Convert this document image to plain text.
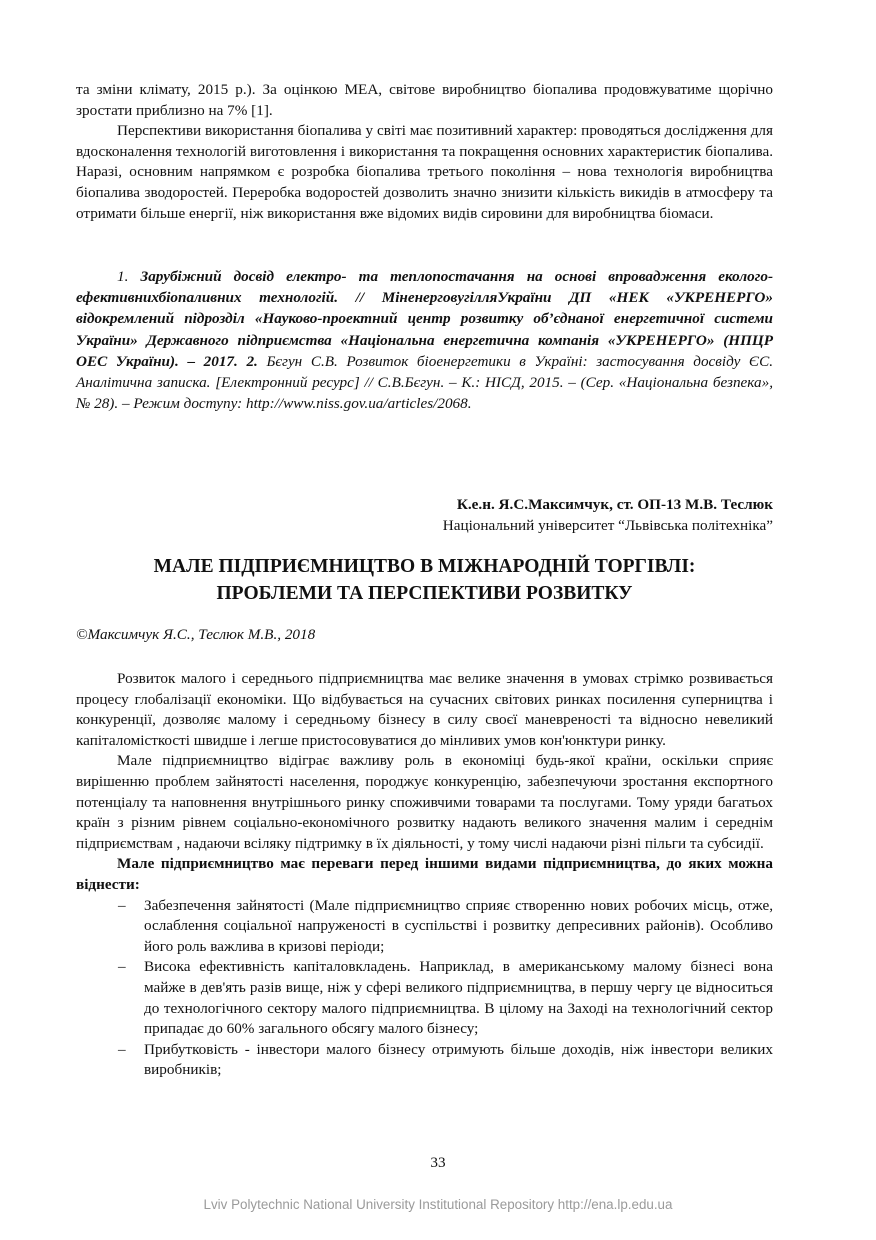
та зміни клімату, 2015 р.). За оцінкою МЕА, світове виробництво біопалива продовжуватиме щорічно зростати приблизно на 7% [1].

Перспективи використання біопалива у світі має позитивний характер: проводяться дослідження для вдосконалення технологій виготовлення і використання та покращення основних характеристик біопалива. Наразі, основним напрямком є розробка біопалива третього покоління – нова технологія виробництва біопалива зводоростей. Переробка водоростей дозволить значно знизити кількість викидів в атмосферу та отримати більше енергії, ніж використання вже відомих видів сировини для виробництва біомаси.

1. Зарубіжний досвід електро- та теплопостачання на основі впровадження еколого-ефективнихбіопаливних технологій. // МіненерговугілляУкраїни ДП «НЕК «УКРЕНЕРГО» відокремлений підрозділ «Науково-проектний центр розвитку об’єднаної енергетичної системи України» Державного підприємства «Національна енергетична компанія «УКРЕНЕРГО» (НПЦР ОЕС України). – 2017. 2. Бєгун С.В. Розвиток біоенергетики в Україні: застосування досвіду ЄС. Аналітична записка. [Електронний ресурс] // С.В.Бєгун. – К.: НІСД, 2015. – (Сер. «Національна безпека», № 28). – Режим доступу: http://www.niss.gov.ua/articles/2068.

К.е.н. Я.С.Максимчук, ст. ОП-13 М.В. Теслюк
Національний університет “Львівська політехніка”
МАЛЕ ПІДПРИЄМНИЦТВО В МІЖНАРОДНІЙ ТОРГІВЛІ:
ПРОБЛЕМИ ТА ПЕРСПЕКТИВИ РОЗВИТКУ
©Максимчук Я.С., Теслюк М.В., 2018

Розвиток малого і середнього підприємництва має велике значення в умовах стрімко розвивається процесу глобалізації економіки. Що відбувається на сучасних світових ринках посилення суперництва і конкуренції, дозволяє малому і середньому бізнесу в силу своєї маневреності та відносно невеликий капіталомісткості швидше і легше пристосовуватися до мінливих умов кон'юнктури ринку.

Мале підприємництво відіграє важливу роль в економіці будь-якої країни, оскільки сприяє вирішенню проблем зайнятості населення, породжує конкуренцію, забезпечуючи зростання експортного потенціалу та наповнення внутрішнього ринку споживчими товарами та послугами. Тому уряди багатьох країн з різним рівнем соціально-економічного розвитку надають великого значення малим і середнім підприємствам , надаючи всіляку підтримку в їх діяльності, у тому числі надаючи різні пільги та субсидії.

Мале підприємництво має переваги перед іншими видами підприємництва, до яких можна віднести:

– Забезпечення зайнятості (Мале підприємництво сприяє створенню нових робочих місць, отже, ослаблення соціальної напруженості в суспільстві і розвитку депресивних районів). Особливо його роль важлива в кризові періоди;
– Висока ефективність капіталовкладень. Наприклад, в американському малому бізнесі вона майже в дев'ять разів вище, ніж у сфері великого підприємництва, в першу чергу це відноситься до технологічного сектору малого підприємництва. В цілому на Заході на технологічний сектор припадає до 60% загального обсягу малого бізнесу;
– Прибутковість - інвестори малого бізнесу отримують більше доходів, ніж інвестори великих виробників;
33
Lviv Polytechnic National University Institutional Repository http://ena.lp.edu.ua
